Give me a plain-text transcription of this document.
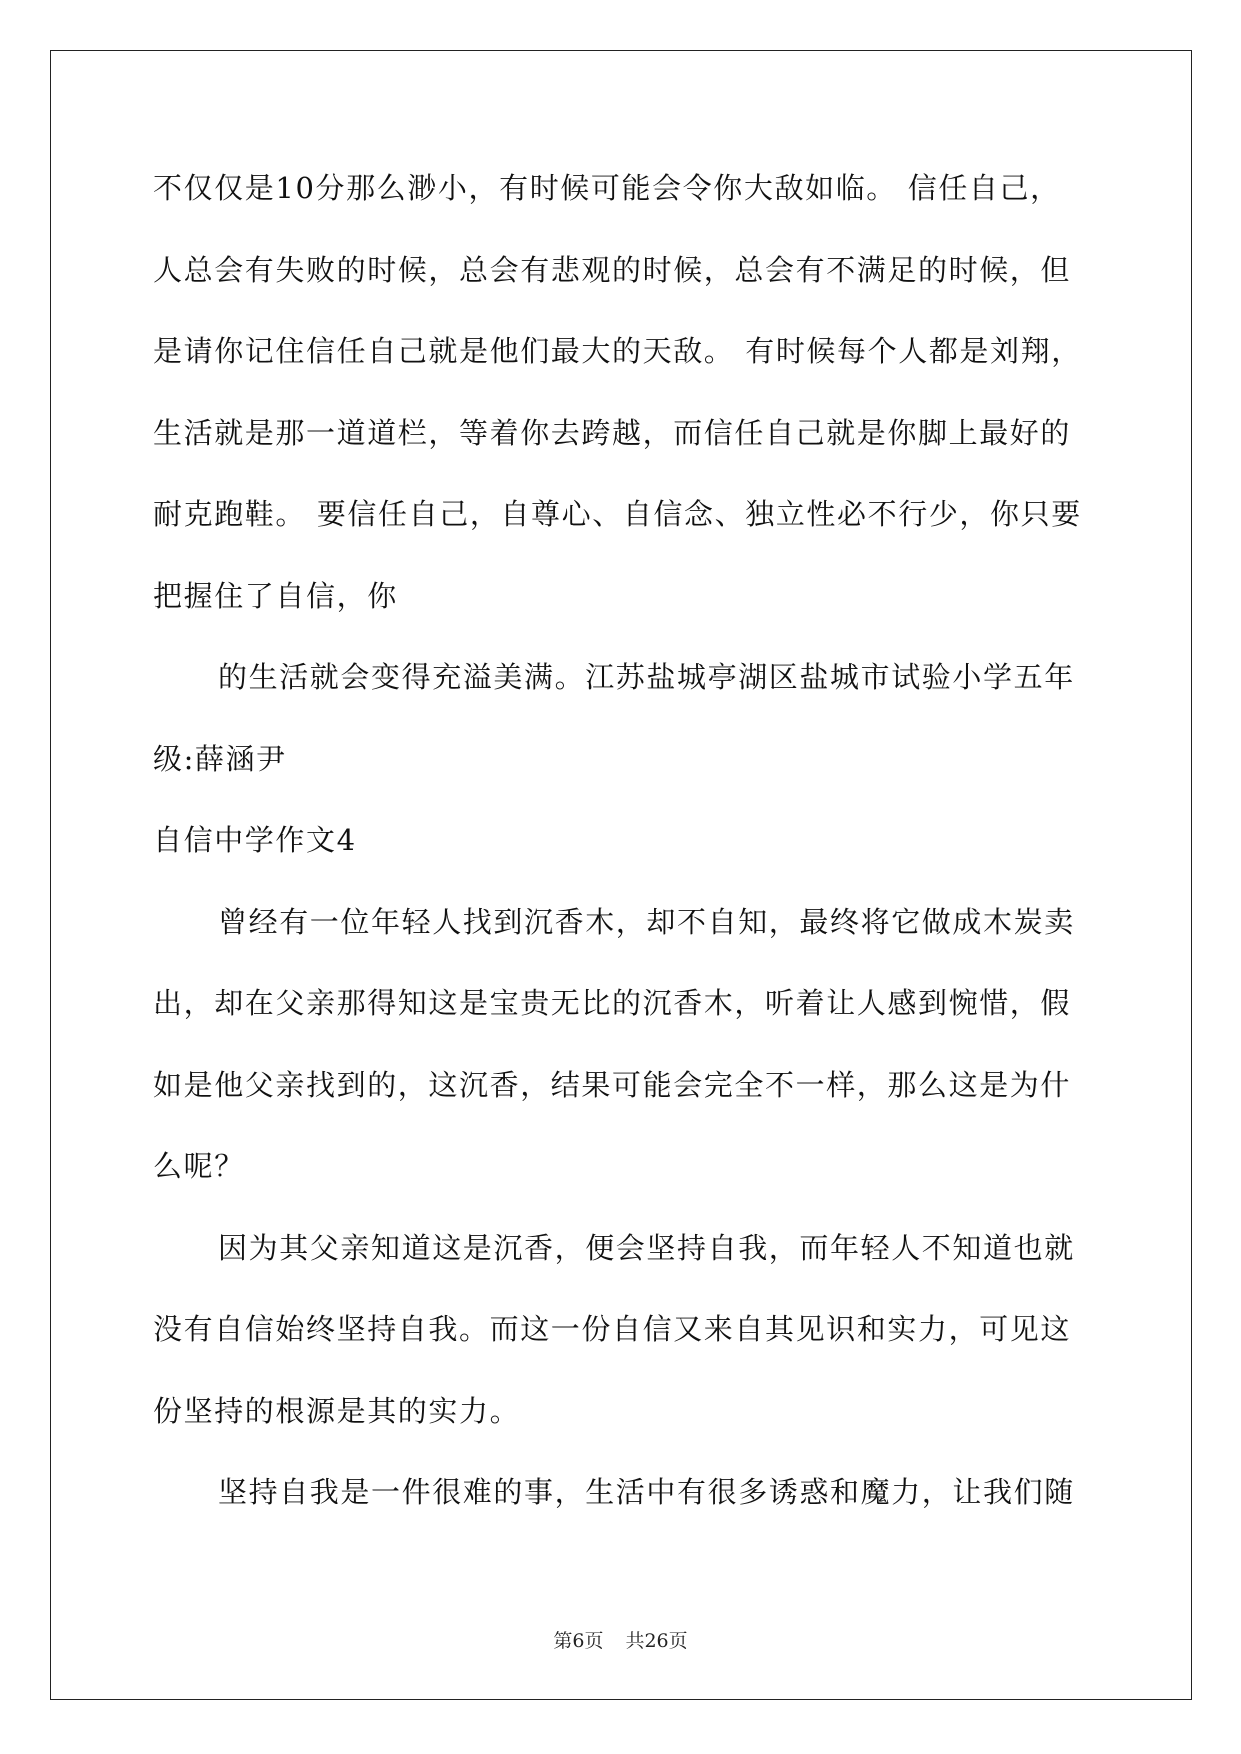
不仅仅是10分那么渺小，有时候可能会令你大敌如临。 信任自己，
人总会有失败的时候，总会有悲观的时候，总会有不满足的时候，但
是请你记住信任自己就是他们最大的天敌。 有时候每个人都是刘翔，
生活就是那一道道栏，等着你去跨越，而信任自己就是你脚上最好的
耐克跑鞋。 要信任自己，自尊心、自信念、独立性必不行少，你只要
把握住了自信，你
的生活就会变得充溢美满。江苏盐城亭湖区盐城市试验小学五年
级:薛涵尹
自信中学作文4
曾经有一位年轻人找到沉香木，却不自知，最终将它做成木炭卖
出，却在父亲那得知这是宝贵无比的沉香木，听着让人感到惋惜，假
如是他父亲找到的，这沉香，结果可能会完全不一样，那么这是为什
么呢？
因为其父亲知道这是沉香，便会坚持自我，而年轻人不知道也就
没有自信始终坚持自我。而这一份自信又来自其见识和实力，可见这
份坚持的根源是其的实力。
坚持自我是一件很难的事，生活中有很多诱惑和魔力，让我们随
第6页 共26页
